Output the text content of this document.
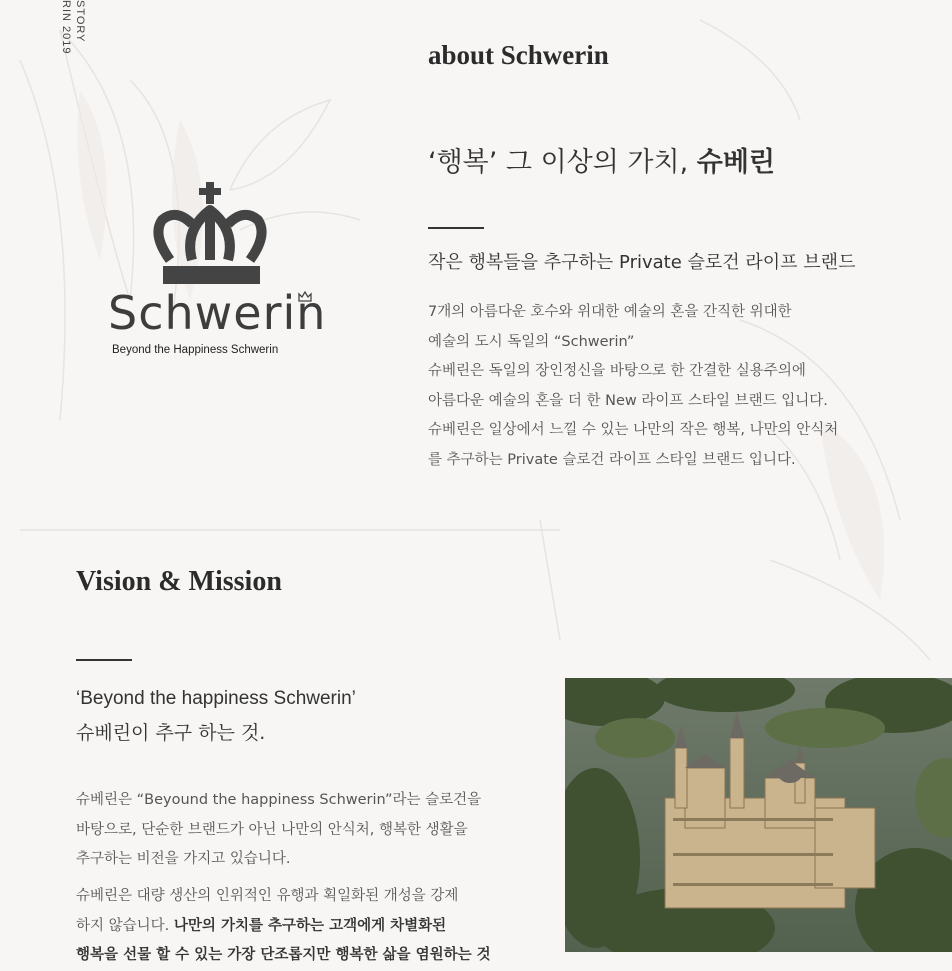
STORY
RIN 2019
Schwerin
Beyond the Happiness Schwerin
about Schwerin
‘행복’ 그 이상의 가치, 슈베린
작은 행복들을 추구하는 Private 슬로건 라이프 브랜드
7개의 아름다운 호수와 위대한 예술의 혼을 간직한 위대한
예술의 도시 독일의 “Schwerin”
슈베린은 독일의 장인정신을 바탕으로 한 간결한 실용주의에
아름다운 예술의 혼을 더 한 New 라이프 스타일 브랜드 입니다.
슈베린은 일상에서 느낄 수 있는 나만의 작은 행복, 나만의 안식처
를 추구하는 Private 슬로건 라이프 스타일 브랜드 입니다.
Vision & Mission
‘Beyond the happiness Schwerin’
슈베린이 추구 하는 것.
슈베린은 “Beyound the happiness Schwerin”라는 슬로건을
바탕으로, 단순한 브랜드가 아닌 나만의 안식처, 행복한 생활을
추구하는 비전을 가지고 있습니다.
슈베린은 대량 생산의 인위적인 유행과 획일화된 개성을 강제
하지 않습니다. 나만의 가치를 추구하는 고객에게 차별화된
행복을 선물 할 수 있는 가장 단조롭지만 행복한 삶을 염원하는 것
